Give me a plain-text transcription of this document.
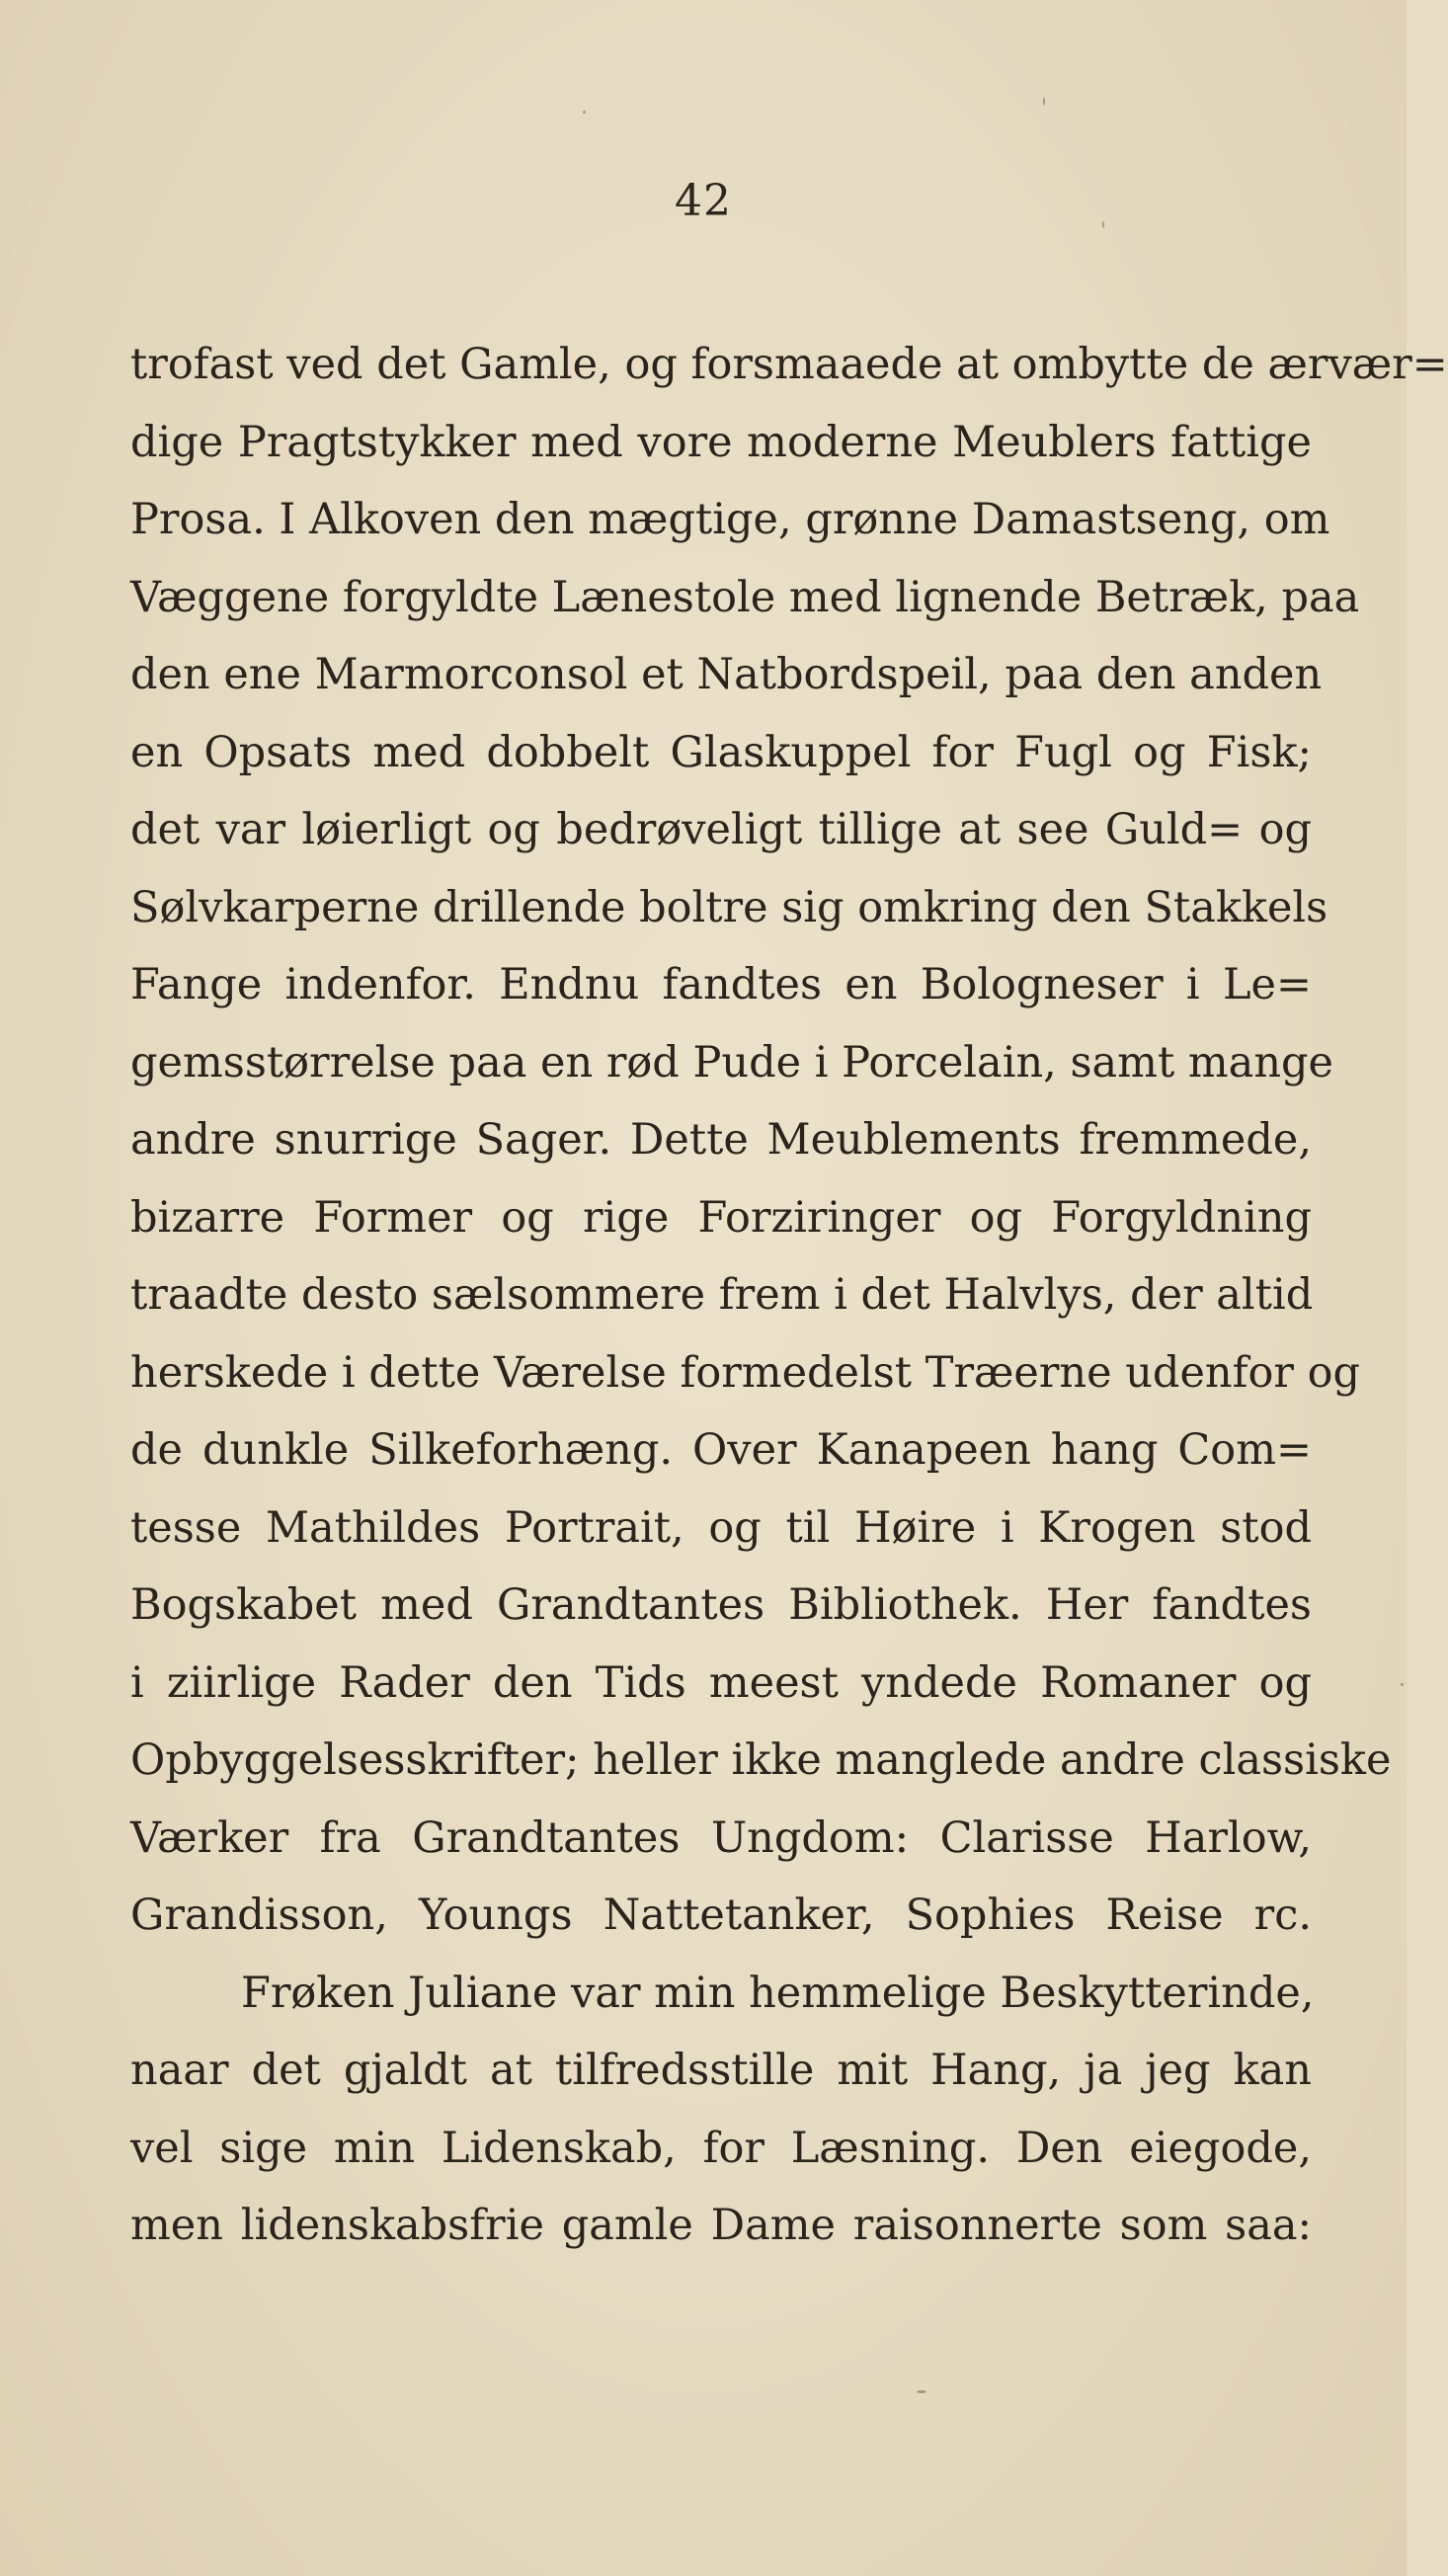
42
trofast ved det Gamle, og forsmaaede at ombytte de ærvær=
dige Pragtstykker med vore moderne Meublers fattige
Prosa. I Alkoven den mægtige, grønne Damastseng, om
Væggene forgyldte Lænestole med lignende Betræk, paa
den ene Marmorconsol et Natbordspeil, paa den anden
en Opsats med dobbelt Glaskuppel for Fugl og Fisk;
det var løierligt og bedrøveligt tillige at see Guld= og
Sølvkarperne drillende boltre sig omkring den Stakkels
Fange indenfor. Endnu fandtes en Bologneser i Le=
gemsstørrelse paa en rød Pude i Porcelain, samt mange
andre snurrige Sager. Dette Meublements fremmede,
bizarre Former og rige Forziringer og Forgyldning
traadte desto sælsommere frem i det Halvlys, der altid
herskede i dette Værelse formedelst Træerne udenfor og
de dunkle Silkeforhæng. Over Kanapeen hang Com=
tesse Mathildes Portrait, og til Høire i Krogen stod
Bogskabet med Grandtantes Bibliothek. Her fandtes
i ziirlige Rader den Tids meest yndede Romaner og
Opbyggelsesskrifter; heller ikke manglede andre classiske
Værker fra Grandtantes Ungdom: Clarisse Harlow,
Grandisson, Youngs Nattetanker, Sophies Reise rc.
Frøken Juliane var min hemmelige Beskytterinde,
naar det gjaldt at tilfredsstille mit Hang, ja jeg kan
vel sige min Lidenskab, for Læsning. Den eiegode,
men lidenskabsfrie gamle Dame raisonnerte som saa:
